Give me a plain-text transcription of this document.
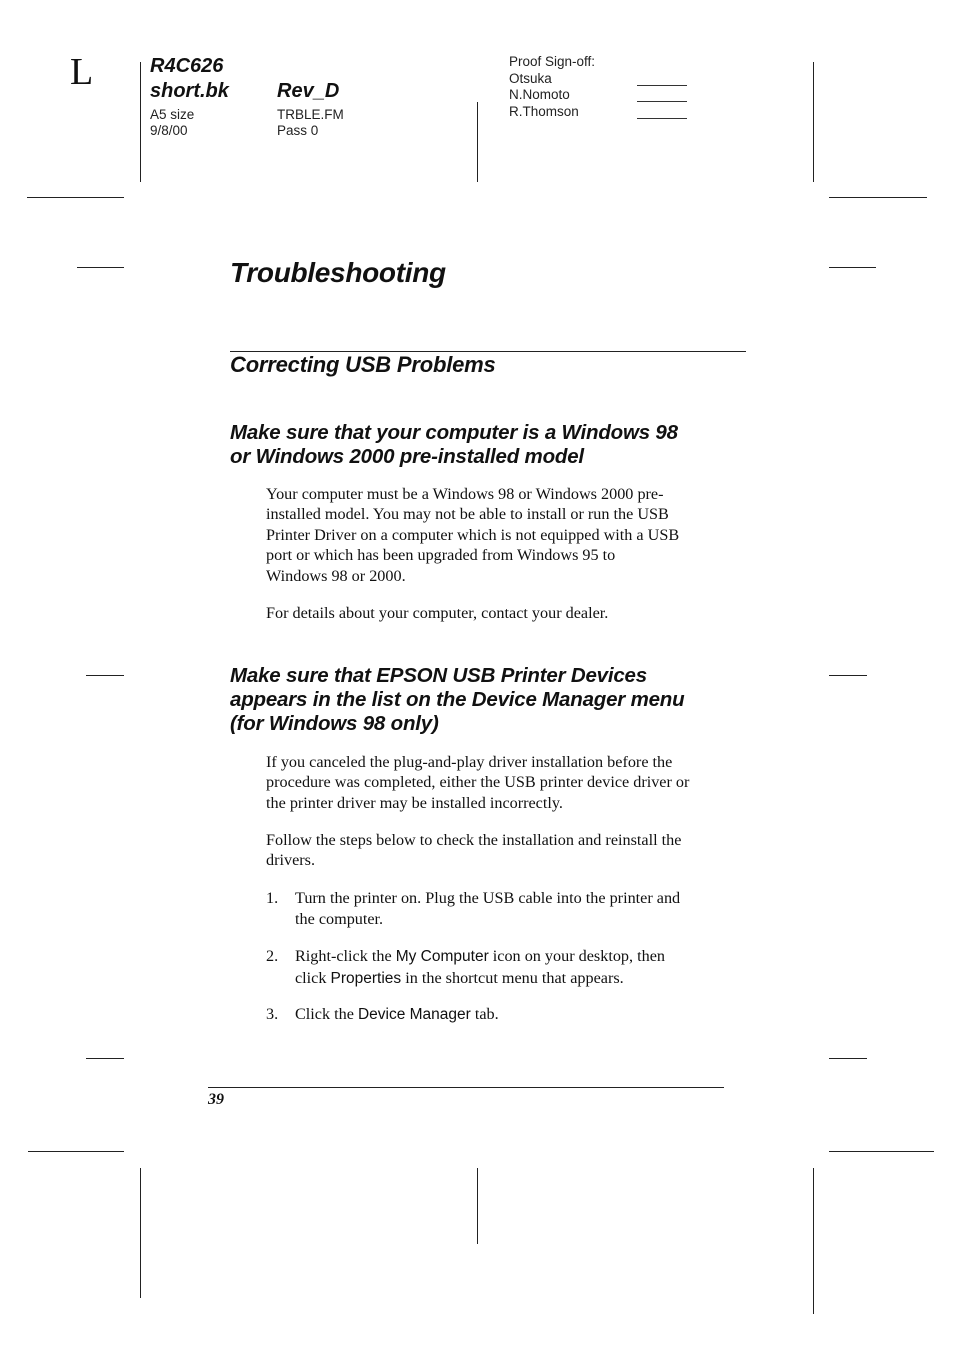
L	R4C626
short.bk Rev_D
A5 size
9/8/00
TRBLE.FM
Pass 0
Proof Sign-off:
Otsuka
N.Nomoto
R.Thomson
Troubleshooting
Correcting USB Problems
Make sure that your computer is a Windows 98
or Windows 2000 pre-installed model
Your computer must be a Windows 98 or Windows 2000 pre-
installed model. You may not be able to install or run the USB
Printer Driver on a computer which is not equipped with a USB
port or which has been upgraded from Windows 95 to
Windows 98 or 2000.
For details about your computer, contact your dealer.
Make sure that EPSON USB Printer Devices
appears in the list on the Device Manager menu
(for Windows 98 only)
If you canceled the plug-and-play driver installation before the
procedure was completed, either the USB printer device driver or
the printer driver may be installed incorrectly.
Follow the steps below to check the installation and reinstall the
drivers.
1. Turn the printer on. Plug the USB cable into the printer and
the computer.
2. Right-click the My Computer icon on your desktop, then
click Properties in the shortcut menu that appears.
3. Click the Device Manager tab.
39
